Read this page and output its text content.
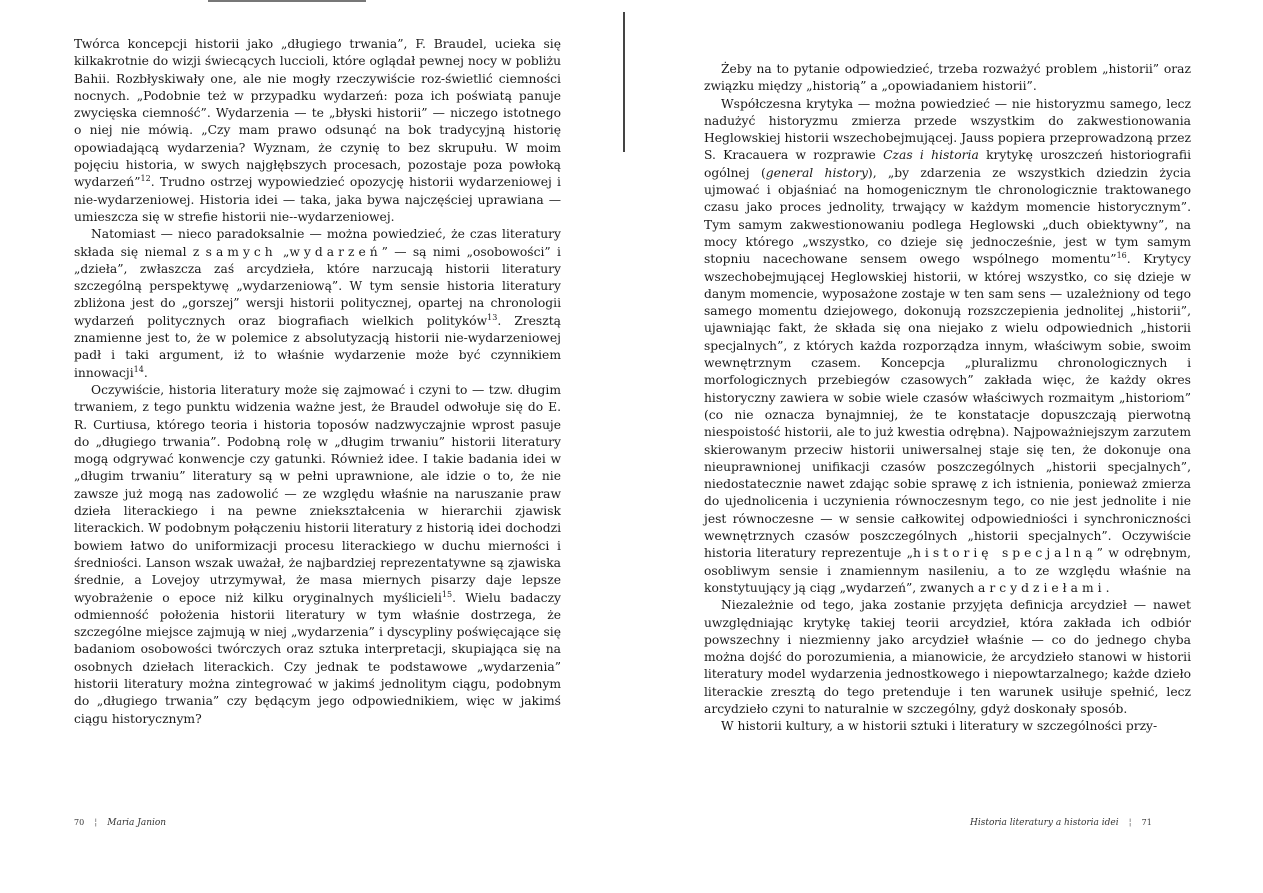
Twórca koncepcji historii jako „długiego trwania”, F. Braudel, ucieka się kilkakrotnie do wizji świecących luccioli, które oglądał pewnej nocy w pobliżu Bahii. Rozbłyskiwały one, ale nie mogły rzeczywiście roz-świetlić ciemności nocnych. „Podobnie też w przypadku wydarzeń: poza ich poświatą panuje zwycięska ciemność”. Wydarzenia — te „błyski historii” — niczego istotnego o niej nie mówią. „Czy mam prawo odsunąć na bok tradycyjną historię opowiadającą wydarzenia? Wyznam, że czynię to bez skrupułu. W moim pojęciu historia, w swych najgłębszych procesach, pozostaje poza powłoką wydarzeń”$^{12}$. Trudno ostrzej wypowiedzieć opozycję historii wydarzeniowej i nie-wydarzeniowej. Historia idei — taka, jaka bywa najczęściej uprawiana — umieszcza się w strefie historii nie--wydarzeniowej.

Natomiast — nieco paradoksalnie — można powiedzieć, że czas literatury składa się niemal z samych „wydarzeń” — są nimi „osobowości” i „dzieła”, zwłaszcza zaś arcydzieła, które narzucają historii literatury szczególną perspektywę „wydarzeniową”. W tym sensie historia literatury zbliżona jest do „gorszej” wersji historii politycznej, opartej na chronologii wydarzeń politycznych oraz biografiach wielkich polityków$^{13}$. Zresztą znamienne jest to, że w polemice z absolutyzacją historii nie-wydarzeniowej padł i taki argument, iż to właśnie wydarzenie może być czynnikiem innowacji$^{14}$.

Oczywiście, historia literatury może się zajmować i czyni to — tzw. długim trwaniem, z tego punktu widzenia ważne jest, że Braudel odwołuje się do E. R. Curtiusa, którego teoria i historia toposów nadzwyczajnie wprost pasuje do „długiego trwania”. Podobną rolę w „długim trwaniu” historii literatury mogą odgrywać konwencje czy gatunki. Również idee. I takie badania idei w „długim trwaniu” literatury są w pełni uprawnione, ale idzie o to, że nie zawsze już mogą nas zadowolić — ze względu właśnie na naruszanie praw dzieła literackiego i na pewne zniekształcenia w hierarchii zjawisk literackich. W podobnym połączeniu historii literatury z historią idei dochodzi bowiem łatwo do uniformizacji procesu literackiego w duchu mierności i średniości. Lanson wszak uważał, że najbardziej reprezentatywne są zjawiska średnie, a Lovejoy utrzymywał, że masa miernych pisarzy daje lepsze wyobrażenie o epoce niż kilku oryginalnych myślicieli$^{15}$. Wielu badaczy odmienność położenia historii literatury w tym właśnie dostrzega, że szczególne miejsce zajmują w niej „wydarzenia” i dyscypliny poświęcające się badaniom osobowości twórczych oraz sztuka interpretacji, skupiająca się na osobnych dziełach literackich. Czy jednak te podstawowe „wydarzenia” historii literatury można zintegrować w jakimś jednolitym ciągu, podobnym do „długiego trwania” czy będącym jego odpowiednikiem, więc w jakimś ciągu historycznym?

70 ¦ Maria Janion

Żeby na to pytanie odpowiedzieć, trzeba rozważyć problem „historii” oraz związku między „historią” a „opowiadaniem historii”.

Współczesna krytyka — można powiedzieć — nie historyzmu samego, lecz nadużyć historyzmu zmierza przede wszystkim do zakwestionowania Heglowskiej historii wszechobejmującej. Jauss popiera przeprowadzoną przez S. Kracauera w rozprawie Czas i historia krytykę uroszczeń historiografii ogólnej (general history), „by zdarzenia ze wszystkich dziedzin życia ujmować i objaśniać na homogenicznym tle chronologicznie traktowanego czasu jako proces jednolity, trwający w każdym momencie historycznym”. Tym samym zakwestionowaniu podlega Heglowski „duch obiektywny”, na mocy którego „wszystko, co dzieje się jednocześnie, jest w tym samym stopniu nacechowane sensem owego wspólnego momentu”$^{16}$. Krytycy wszechobejmującej Heglowskiej historii, w której wszystko, co się dzieje w danym momencie, wyposażone zostaje w ten sam sens — uzależniony od tego samego momentu dziejowego, dokonują rozszczepienia jednolitej „historii”, ujawniając fakt, że składa się ona niejako z wielu odpowiednich „historii specjalnych”, z których każda rozporządza innym, właściwym sobie, swoim wewnętrznym czasem. Koncepcja „pluralizmu chronologicznych i morfologicznych przebiegów czasowych” zakłada więc, że każdy okres historyczny zawiera w sobie wiele czasów właściwych rozmaitym „historiom” (co nie oznacza bynajmniej, że te konstatacje dopuszczają pierwotną niespoistość historii, ale to już kwestia odrębna). Najpoważniejszym zarzutem skierowanym przeciw historii uniwersalnej staje się ten, że dokonuje ona nieuprawnionej unifikacji czasów poszczególnych „historii specjalnych”, niedostatecznie nawet zdając sobie sprawę z ich istnienia, ponieważ zmierza do ujednolicenia i uczynienia równoczesnym tego, co nie jest jednolite i nie jest równoczesne — w sensie całkowitej odpowiedniości i synchroniczności wewnętrznych czasów poszczególnych „historii specjalnych”. Oczywiście historia literatury reprezentuje „historię specjalną” w odrębnym, osobliwym sensie i znamiennym nasileniu, a to ze względu właśnie na konstytuujący ją ciąg „wydarzeń”, zwanych arcydziełami.

Niezależnie od tego, jaka zostanie przyjęta definicja arcydzieł — nawet uwzględniając krytykę takiej teorii arcydzieł, która zakłada ich odbiór powszechny i niezmienny jako arcydzieł właśnie — co do jednego chyba można dojść do porozumienia, a mianowicie, że arcydzieło stanowi w historii literatury model wydarzenia jednostkowego i niepowtarzalnego; każde dzieło literackie zresztą do tego pretenduje i ten warunek usiłuje spełnić, lecz arcydzieło czyni to naturalnie w szczególny, gdyż doskonały sposób.

W historii kultury, a w historii sztuki i literatury w szczególności przy-

Historia literatury a historia idei ¦ 71
